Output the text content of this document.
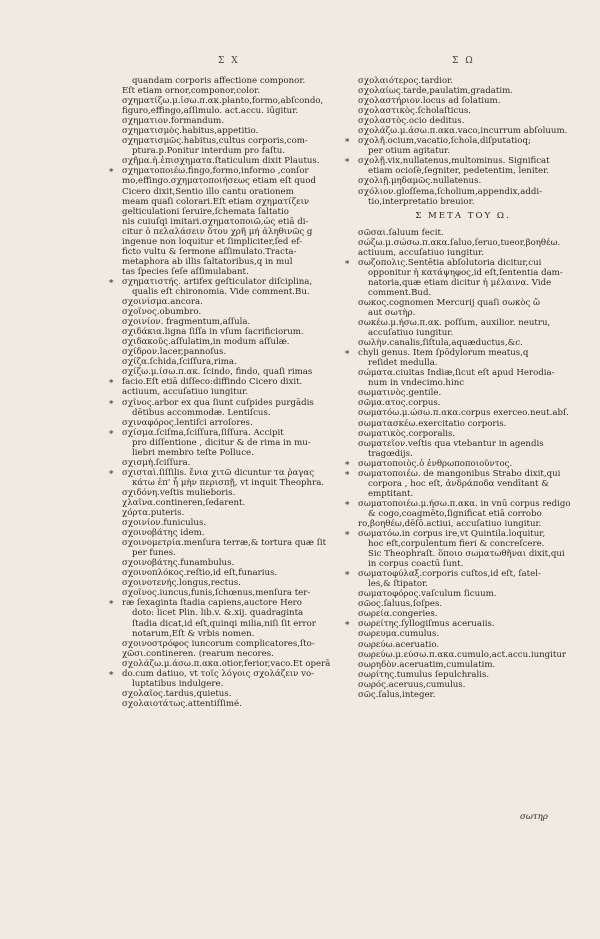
Σ X	Σ Ω
quandam corporis affectione componor.
Eſt etiam ornor,componor,color.
σχηματίζω.μ.ἰσω.π.ακ.planto,formo,abſcondo,
figuro,effingo,aſſimulo. act.accu. iūgitur.
σχηματιον.formandum.
σχηματισμὸς.habitus,appetitio.
σχηματισμῶς.habitus,cultus corporis,com-
ptura.p.Ponitur interdum pro faſtu.
σχῆμα.ἡ.ἐπισχηματα.ſtaticulum dixit Plautus.
∗ σχηματοποιέω.fingo,formo,informo ,conſor
mo,effingo.σχηματοποιήσεως etiam eſt quod
Cicero dixit,Sentio illo cantu orationem
meam quaſi colorari.Eſt etiam σχηματίζειν
gelticulationi ſeruire,ſchemata ſaltatio
nis cuiuſqi imitari.σχηματοποιῶ,ὡς etiā di-
citur ὁ πελαλάσειν ὅτου χρῆ μή ἀληθινῶς g
ingenue non loquitur et ſimpliciter,ſed ef-
ficto vultu & ſermone aſſimulato.Tracta-
metaphora ab illis ſaltatoribus,q in mul
tas ſpecies ſeſe aſſimulabant.
∗ σχηματιστής. artifex geſticulator diſciplina,
qualis eſt chironomia. Vide comment.Bu.
σχοινίσμα.ancora.
σχοῖνος.obumbro.
σχοινίον. fragmentum,aſſula.
σχιδάκια.ligna ſiſſa in vſum ſacrificiorum.
σχιδακοῦς.aſſulatim,in modum aſſulæ.
σχίδρον.lacer,pannoſus.
σχίζα.ſchida,ſciſſura,rima.
σχίζω.μ.ίσω.π.ακ. ſcindo, findo, quaſi rimas
∗ facio.Eſt etiā diſſeco:diffindo Cicero dixit.
actiuum, accuſatiuo iungitur.
∗ σχῖνος.arbor ex qua ſiunt cuſpides purgādis
dētibus accommodæ. Lentiſcus.
σχιναφόρος.lentiſci arroſores.
∗ σχίσμα.ſciſma,ſciſſura,ſiſſura. Accipit
pro diſſentione , dicitur & de rima in mu-
liebri membro teſte Polluce.
σχισμὴ.ſciſſura.
∗ σχισταὶ.ſiſſilis. ἔνια χιτῶ dicuntur τα ῥαγας
κάτω ἐπ' ἦ μὴν περισπῇ, vt inquit Theophra.
σχιδόνη.veſtis mulieboris.
χλαῖνα.contineren,ſedarent.
χόρτα.puteris.
σχοινίον.funiculus.
σχοινοβάτης idem.
σχοινομετρία.menſura terræ,& tortura quæ ſit
per funes.
σχοινοβάτης.funambulus.
σχοινοπλόκος.reſtio,id eſt,funarius.
σχοινοτενής.longus,rectus.
σχοῖνος.iuncus,funis,ſchœnus,menſura ter-
∗ ræ ſexaginta ſtadia capiens,auctore Hero
doto: licet Plin. lib.v. &.xij. quadraginta
ſtadia dicat,id eſt,quinqi milia,niſi ſit error
notarum,Eſt & vrbis nomen.
σχοινοστρόφος iuncorum complicatores,ſto-
χῶσι.contineren. (rearum necores.
σχολάζω.μ.άσω.π.ακα.otior,ferior,vaco.Et operā
∗ do.cum datiuo, vt τοῖς λόγοις σχολάζειν vo-
luptatibus indulgere.
σχολαῖος.tardus,quietus.
σχολαιοτάτως.attentiſſimé.
σχολαιότερος.tardior.
σχολαίως.tarde,paulatim,gradatim.
σχολαστήριον.locus ad ſolatium.
σχολαστικὸς.ſcholaſticus.
σχολαστὸς.ocio deditus.
σχολάζω.μ.άσω.π.ακα.vaco,incurrum abſoluum.
∗ σχολῆ.ocium,vacatio,ſchola,diſputatioq;
per otium agitatur.
∗ σχολῇ.vix,nullatenus,multominus. Significat
etiam ocioſè,ſegniter, pedetentim, leniter.
σχολιῇ.μηδαμῶς.nullatenus.
σχόλιον.gloſſema,ſcholium,appendix,addi-
tio,interpretatio breuior.
Σ ΜΕΤΑ ΤΟΥ Ω.
σῶσαι.ſaluum fecit.
σώζω.μ.σώσω.π.ακα.ſaluo,ſeruo,tueor,βοηθέω.
actiuum, accuſatiuo iungitur.
∗ σωζοπολις.Sentētia abſolutoria dicitur,cui
opponitur ἡ κατάψηφος,id eſt,ſententia dam-
natoria,quæ etiam dicitur ἡ μέλαινα. Vide
comment.Bud.
σωκος.cognomen Mercurij quaſi σωκὸς ὤ
aut σωτὴρ.
σωκέω.μ.ήσω.π.ακ. poſſum, auxilior. neutru,
accuſatiuo iungitur.
σωλὴν.canalis,ſiſtula,aquæductus,&c.
∗ chyli genus. Item ſpōdylorum meatus,q
reſidet medulla.
σώματα.ciuitas Indiæ,ſicut eſt apud Herodia-
num in vndecimo.hinc
σωματινὸς.gentile.
σῶμα.ατος.corpus.
σωματόω.μ.ώσω.π.ακα.corpus exerceo.neut.abſ.
σωματασκέω.exercitatio corporis.
σωματικὸς.corporalis.
σωματεῖον.veſtis qua vtebantur in agendis
tragœdijs.
∗ σωματοποιὸς.ὁ ἐνθρωποποιοῦντος.
∗ σωματοποιέω. de mangonibus Strabo dixit,qui
corpora , hoc eſt, ἀνδράποδα vendītant &
emptitant.
∗ σωματοποιέω.μ.ήσω.π.ακα. in vnū corpus redigo
& cogo,coagmēto,ſignificat etiā corrobo
ro,βοηθέω,dēſō.actiui, accuſatiuo iungitur.
∗ σωματόω.in corpus ire,vt Quintila.loquitur,
hoc eſt,corpulentum fieri & concreſcere.
Sic Theophraſt. ὅποιο σωματωθῆναι dixit,qui
in corpus coactū ſunt.
∗ σωματοφύλαξ.corporis cuſtos,id eſt, ſatel-
les,& ſtipator.
σωματοφόρος.vaſculum ſicuum.
σῶος.ſaluus,ſoſpes.
σωρεία.congeries.
∗ σωρείτης.ſyllogiſmus aceruaiis.
σωρευμα.cumulus.
σωρεύω.aceruatio.
σωρεύω.μ.εύσω.π.ακα.cumulo,act.accu.iungitur
σωρηδὸν.aceruatim,cumulatim.
σωρίτης.tumulus ſepulchralis.
σωρός.aceruus,cumulus.
σῶς.ſalus,integer.
σωτηρ
